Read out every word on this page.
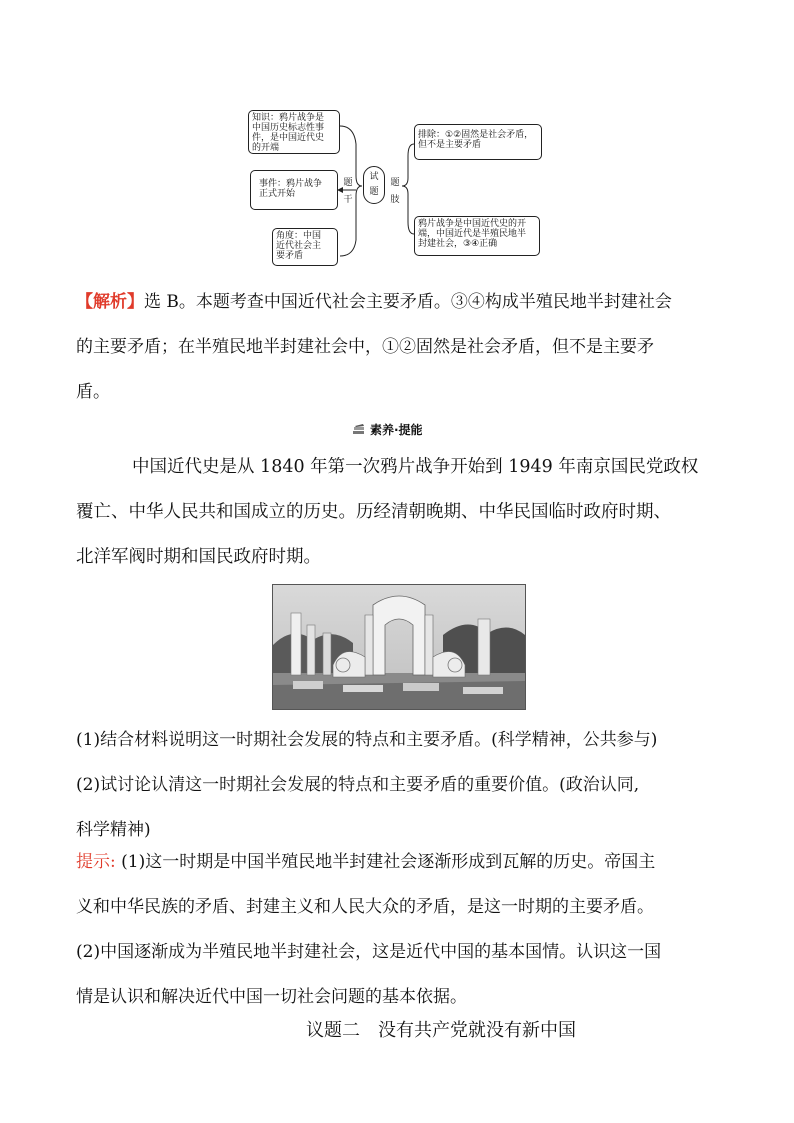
知识：鸦片战争是
中国历史标志性事
件，是中国近代史
的开端
事件：鸦片战争
正式开始
角度：中国
近代社会主
要矛盾
题
干
试
题
题
肢
排除：①②固然是社会矛盾，
但不是主要矛盾
鸦片战争是中国近代史的开
端，中国近代是半殖民地半
封建社会，③④正确
【解析】选 B。本题考查中国近代社会主要矛盾。③④构成半殖民地半封建社会
的主要矛盾；在半殖民地半封建社会中，①②固然是社会矛盾，但不是主要矛
盾。
素养·提能
中国近代史是从 1840 年第一次鸦片战争开始到 1949 年南京国民党政权
覆亡、中华人民共和国成立的历史。历经清朝晚期、中华民国临时政府时期、
北洋军阀时期和国民政府时期。
(1)结合材料说明这一时期社会发展的特点和主要矛盾。(科学精神，公共参与)
(2)试讨论认清这一时期社会发展的特点和主要矛盾的重要价值。(政治认同,
科学精神)
提示: (1)这一时期是中国半殖民地半封建社会逐渐形成到瓦解的历史。帝国主
义和中华民族的矛盾、封建主义和人民大众的矛盾，是这一时期的主要矛盾。
(2)中国逐渐成为半殖民地半封建社会，这是近代中国的基本国情。认识这一国
情是认识和解决近代中国一切社会问题的基本依据。
议题二　没有共产党就没有新中国
